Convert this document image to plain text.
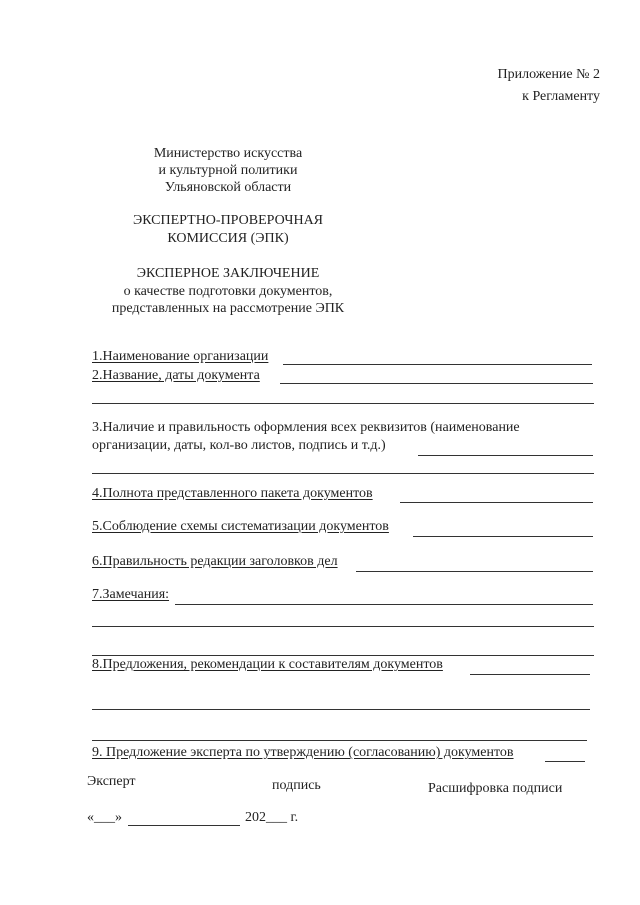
Приложение № 2
к Регламенту
Министерство искусства
и культурной политики
Ульяновской области
ЭКСПЕРТНО-ПРОВЕРОЧНАЯ
КОМИССИЯ (ЭПК)
ЭКСПЕРНОЕ ЗАКЛЮЧЕНИЕ
о качестве подготовки документов,
представленных на рассмотрение ЭПК
1.Наименование организации
2.Название, даты документа
3.Наличие и правильность оформления всех реквизитов (наименование
организации, даты, кол-во листов, подпись и т.д.)
4.Полнота представленного пакета документов
5.Соблюдение схемы систематизации документов
6.Правильность редакции заголовков дел
7.Замечания:
8.Предложения, рекомендации к составителям документов
9. Предложение эксперта по утверждению (согласованию) документов
Эксперт	подпись	Расшифровка подписи
«___»	202___ г.
